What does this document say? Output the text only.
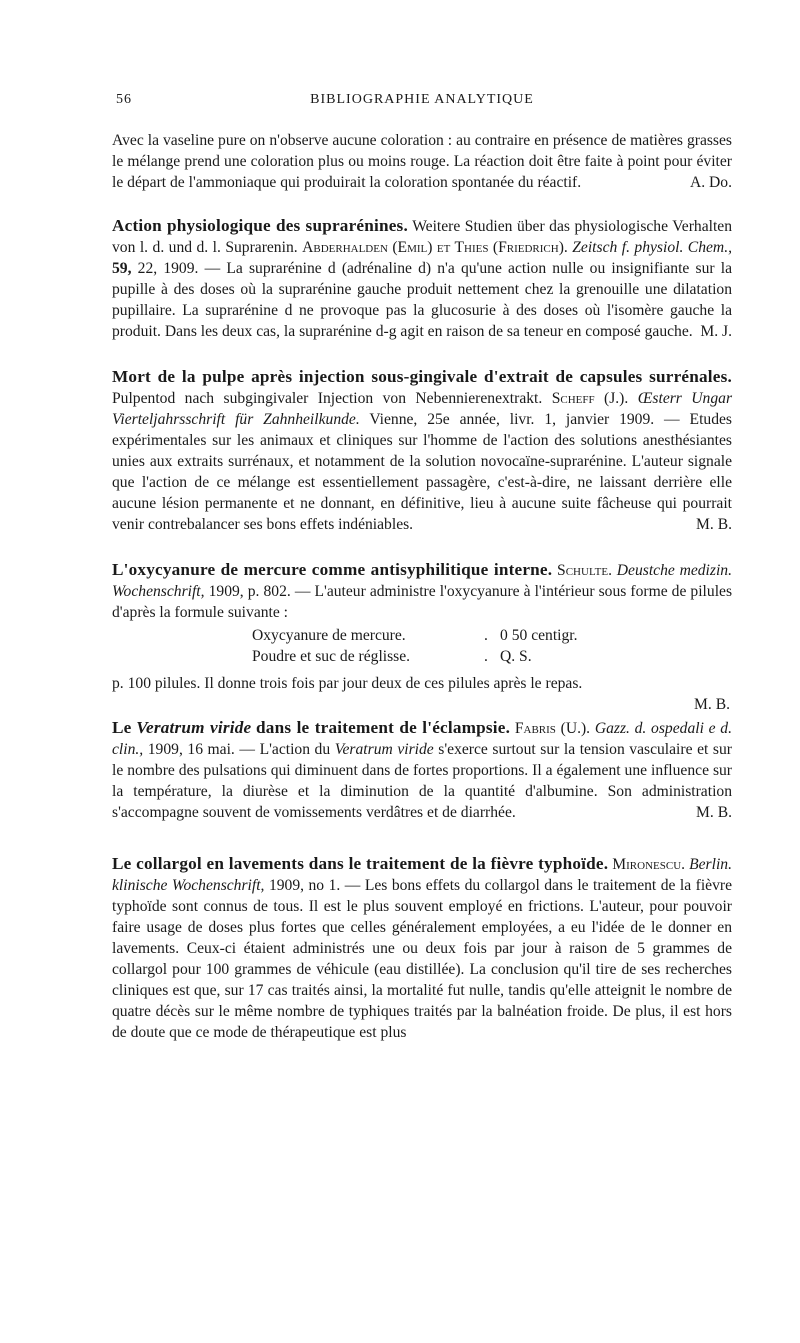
56	BIBLIOGRAPHIE ANALYTIQUE

Avec la vaseline pure on n'observe aucune coloration : au contraire en présence de matières grasses le mélange prend une coloration plus ou moins rouge. La réaction doit être faite à point pour éviter le départ de l'ammoniaque qui produirait la coloration spontanée du réactif.	A. Do.

Action physiologique des suprarénines. Weitere Studien über das physiologische Verhalten von l. d. und d. l. Suprarenin. Abderhalden (Emil) et Thies (Friedrich). Zeitsch f. physiol. Chem., 59, 22, 1909. — La suprarénine d (adrénaline d) n'a qu'une action nulle ou insignifiante sur la pupille à des doses où la suprarénine gauche produit nettement chez la grenouille une dilatation pupillaire. La suprarénine d ne provoque pas la glucosurie à des doses où l'isomère gauche la produit. Dans les deux cas, la suprarénine d-g agit en raison de sa teneur en composé gauche. M. J.

Mort de la pulpe après injection sous-gingivale d'extrait de capsules surrénales. Pulpentod nach subgingivaler Injection von Nebennierenextrakt. Scheff (J.). Œsterr Ungar Vierteljahrsschrift für Zahnheilkunde. Vienne, 25e année, livr. 1, janvier 1909. — Etudes expérimentales sur les animaux et cliniques sur l'homme de l'action des solutions anesthésiantes unies aux extraits surrénaux, et notamment de la solution novocaïne-suprarénine. L'auteur signale que l'action de ce mélange est essentiellement passagère, c'est-à-dire, ne laissant derrière elle aucune lésion permanente et ne donnant, en définitive, lieu à aucune suite fâcheuse qui pourrait venir contrebalancer ses bons effets indéniables.	M. B.

L'oxycyanure de mercure comme antisyphilitique interne. Schulte. Deustche medizin. Wochenschrift, 1909, p. 802. — L'auteur administre l'oxycyanure à l'intérieur sous forme de pilules d'après la formule suivante :

Oxycyanure de mercure.	. 0 50 centigr.
Poudre et suc de réglisse.	. Q. S.

p. 100 pilules. Il donne trois fois par jour deux de ces pilules après le repas.
M. B.

Le Veratrum viride dans le traitement de l'éclampsie. Fabris (U.). Gazz. d. ospedali e d. clin., 1909, 16 mai. — L'action du Veratrum viride s'exerce surtout sur la tension vasculaire et sur le nombre des pulsations qui diminuent dans de fortes proportions. Il a également une influence sur la température, la diurèse et la diminution de la quantité d'albumine. Son administration s'accompagne souvent de vomissements verdâtres et de diarrhée.	M. B.

Le collargol en lavements dans le traitement de la fièvre typhoïde. Mironescu. Berlin. klinische Wochenschrift, 1909, no 1. — Les bons effets du collargol dans le traitement de la fièvre typhoïde sont connus de tous. Il est le plus souvent employé en frictions. L'auteur, pour pouvoir faire usage de doses plus fortes que celles généralement employées, a eu l'idée de le donner en lavements. Ceux-ci étaient administrés une ou deux fois par jour à raison de 5 grammes de collargol pour 100 grammes de véhicule (eau distillée). La conclusion qu'il tire de ses recherches cliniques est que, sur 17 cas traités ainsi, la mortalité fut nulle, tandis qu'elle atteignit le nombre de quatre décès sur le même nombre de typhiques traités par la balnéation froide. De plus, il est hors de doute que ce mode de thérapeutique est plus
